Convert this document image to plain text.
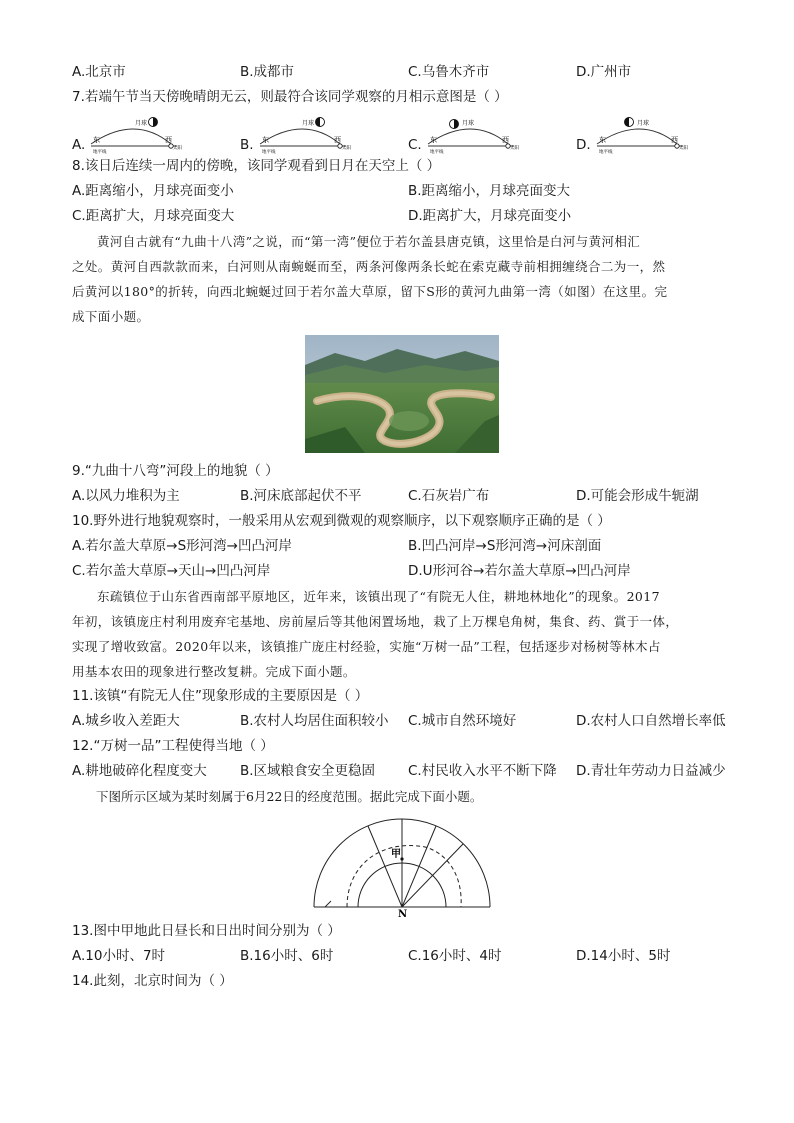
A.北京市	B.成都市	C.乌鲁木齐市	D.广州市
7.若端午节当天傍晚晴朗无云，则最符合该同学观察的月相示意图是（ ）
A.
月球
东	西
地平线
太阳	B.
月球
东	西
地平线
太阳	C.
月球
东	西
地平线
太阳	D.
月球
东	西
地平线
太阳
8.该日后连续一周内的傍晚，该同学观看到日月在天空上（ ）
A.距离缩小，月球亮面变小	B.距离缩小，月球亮面变大
C.距离扩大，月球亮面变大	D.距离扩大，月球亮面变小
黄河自古就有“九曲十八湾”之说，而“第一湾”便位于若尔盖县唐克镇，这里恰是白河与黄河相汇
之处。黄河自西款款而来，白河则从南蜿蜒而至，两条河像两条长蛇在索克藏寺前相拥缠绕合二为一，然
后黄河以180°的折转，向西北蜿蜒过回于若尔盖大草原，留下S形的黄河九曲第一湾（如图）在这里。完
成下面小题。
9.“九曲十八弯”河段上的地貌（ ）
A.以风力堆积为主	B.河床底部起伏不平	C.石灰岩广布	D.可能会形成牛轭湖
10.野外进行地貌观察时，一般采用从宏观到微观的观察顺序，以下观察顺序正确的是（ ）
A.若尔盖大草原→S形河湾→凹凸河岸	B.凹凸河岸→S形河湾→河床剖面
C.若尔盖大草原→天山→凹凸河岸	D.U形河谷→若尔盖大草原→凹凸河岸
东疏镇位于山东省西南部平原地区，近年来，该镇出现了“有院无人住，耕地林地化”的现象。2017
年初，该镇庞庄村利用废弃宅基地、房前屋后等其他闲置场地，栽了上万棵皂角树，集食、药、賞于一体，
实现了增收致富。2020年以来，该镇推广庞庄村经验，实施“万树一品”工程，包括逐步对杨树等林木占
用基本农田的现象进行整改复耕。完成下面小题。
11.该镇“有院无人住”现象形成的主要原因是（ ）
A.城乡收入差距大	B.农村人均居住面积较小	C.城市自然环境好	D.农村人口自然增长率低
12.“万树一品”工程使得当地（ ）
A.耕地破碎化程度变大	B.区域粮食安全更稳固	C.村民收入水平不断下降	D.青壮年劳动力日益减少
下图所示区域为某时刻属于6月22日的经度范围。据此完成下面小题。
甲
N
13.图中甲地此日昼长和日出时间分别为（ ）
A.10小时、7时	B.16小时、6时	C.16小时、4时	D.14小时、5时
14.此刻，北京时间为（ ）
